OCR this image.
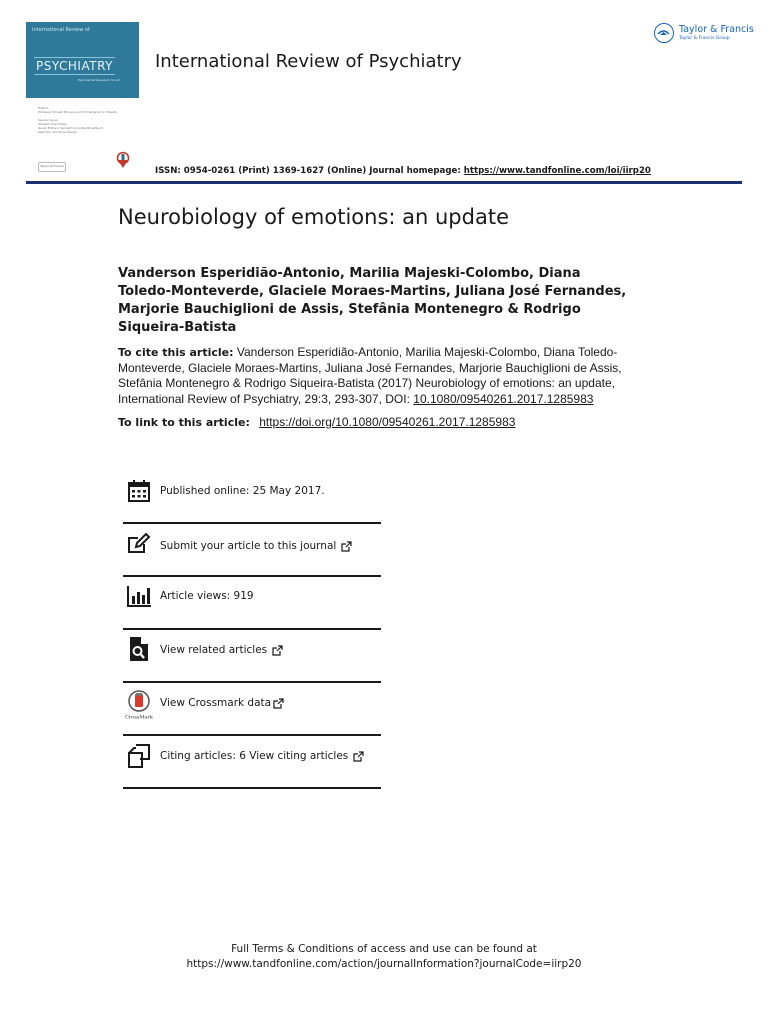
International Review of
PSYCHIATRY
Psychiatrist Research for All
Editors
Professor Dinesh Bhugra and Dr Margaret S. O'Keefe
Special Issue
Disaster Psychiatry
Guest Editors: Kenneth Schultze Broadbent
Peaches: Christine Davies
Taylor & Francis
International Review of Psychiatry
Taylor & Francis
Taylor & Francis Group
ISSN: 0954-0261 (Print) 1369-1627 (Online) Journal homepage: https://www.tandfonline.com/loi/iirp20
Neurobiology of emotions: an update
Vanderson Esperidião-Antonio, Marilia Majeski-Colombo, Diana Toledo-Monteverde, Glaciele Moraes-Martins, Juliana José Fernandes, Marjorie Bauchiglioni de Assis, Stefânia Montenegro & Rodrigo Siqueira-Batista
To cite this article: Vanderson Esperidião-Antonio, Marilia Majeski-Colombo, Diana Toledo-Monteverde, Glaciele Moraes-Martins, Juliana José Fernandes, Marjorie Bauchiglioni de Assis, Stefânia Montenegro & Rodrigo Siqueira-Batista (2017) Neurobiology of emotions: an update, International Review of Psychiatry, 29:3, 293-307, DOI: 10.1080/09540261.2017.1285983
To link to this article: https://doi.org/10.1080/09540261.2017.1285983
Published online: 25 May 2017.
Submit your article to this journal
Article views: 919
View related articles
CrossMark
View Crossmark data
Citing articles: 6 View citing articles
Full Terms & Conditions of access and use can be found at
https://www.tandfonline.com/action/journalInformation?journalCode=iirp20
